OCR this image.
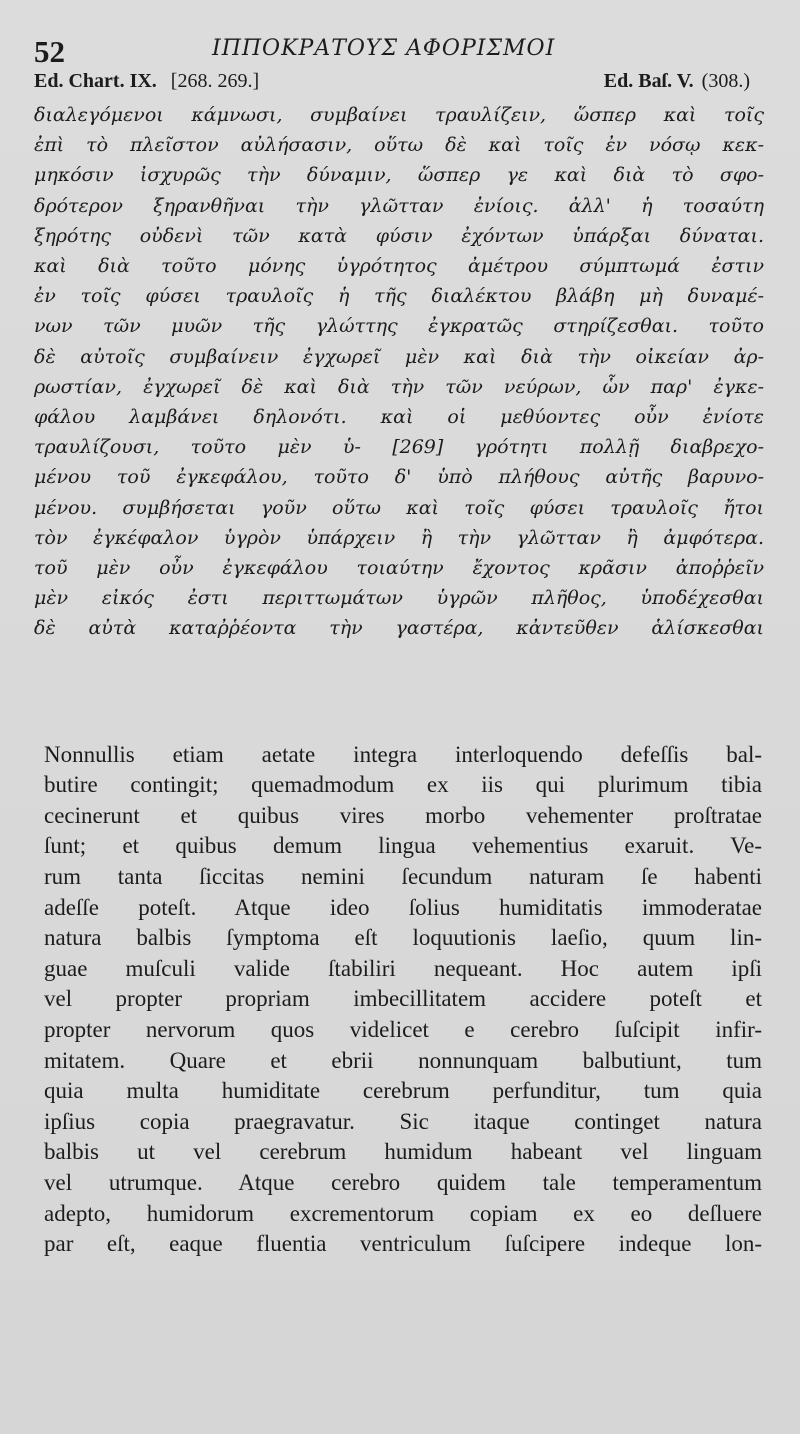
52	ΙΠΠΟΚΡΑΤΟΥΣ ΑΦΟΡΙΣΜΟΙ
Ed. Chart. IX. [268. 269.]	Ed. Baſ. V. (308.)
διαλεγόμενοι κάμνωσι, συμβαίνει τραυλίζειν, ὥσπερ καὶ τοῖς
ἐπὶ τὸ πλεῖστον αὐλήσασιν, οὕτω δὲ καὶ τοῖς ἐν νόσῳ κεκ-
μηκόσιν ἰσχυρῶς τὴν δύναμιν, ὥσπερ γε καὶ διὰ τὸ σφο-
δρότερον ξηρανθῆναι τὴν γλῶτταν ἐνίοις. ἀλλ' ἡ τοσαύτη
ξηρότης οὐδενὶ τῶν κατὰ φύσιν ἐχόντων ὑπάρξαι δύναται.
καὶ διὰ τοῦτο μόνης ὑγρότητος ἀμέτρου σύμπτωμά ἐστιν
ἐν τοῖς φύσει τραυλοῖς ἡ τῆς διαλέκτου βλάβη μὴ δυναμέ-
νων τῶν μυῶν τῆς γλώττης ἐγκρατῶς στηρίζεσθαι. τοῦτο
δὲ αὐτοῖς συμβαίνειν ἐγχωρεῖ μὲν καὶ διὰ τὴν οἰκείαν ἀρ-
ρωστίαν, ἐγχωρεῖ δὲ καὶ διὰ τὴν τῶν νεύρων, ὧν παρ' ἐγκε-
φάλου λαμβάνει δηλονότι. καὶ οἱ μεθύοντες οὖν ἐνίοτε
τραυλίζουσι, τοῦτο μὲν ὑ- [269] γρότητι πολλῇ διαβρεχο-
μένου τοῦ ἐγκεφάλου, τοῦτο δ' ὑπὸ πλήθους αὐτῆς βαρυνο-
μένου. συμβήσεται γοῦν οὕτω καὶ τοῖς φύσει τραυλοῖς ἤτοι
τὸν ἐγκέφαλον ὑγρὸν ὑπάρχειν ἢ τὴν γλῶτταν ἢ ἀμφότερα.
τοῦ μὲν οὖν ἐγκεφάλου τοιαύτην ἔχοντος κρᾶσιν ἀποῤῥεῖν
μὲν εἰκός ἐστι περιττωμάτων ὑγρῶν πλῆθος, ὑποδέχεσθαι
δὲ αὐτὰ καταῤῥέοντα τὴν γαστέρα, κἀντεῦθεν ἁλίσκεσθαι
Nonnullis etiam aetate integra interloquendo defeſſis bal-
butire contingit; quemadmodum ex iis qui plurimum tibia
cecinerunt et quibus vires morbo vehementer proſtratae
ſunt; et quibus demum lingua vehementius exaruit. Ve-
rum tanta ſiccitas nemini ſecundum naturam ſe habenti
adeſſe poteſt. Atque ideo ſolius humiditatis immoderatae
natura balbis ſymptoma eſt loquutionis laeſio, quum lin-
guae muſculi valide ſtabiliri nequeant. Hoc autem ipſi
vel propter propriam imbecillitatem accidere poteſt et
propter nervorum quos videlicet e cerebro ſuſcipit infir-
mitatem. Quare et ebrii nonnunquam balbutiunt, tum
quia multa humiditate cerebrum perfunditur, tum quia
ipſius copia praegravatur. Sic itaque continget natura
balbis ut vel cerebrum humidum habeant vel linguam
vel utrumque. Atque cerebro quidem tale temperamentum
adepto, humidorum excrementorum copiam ex eo deſluere
par eſt, eaque fluentia ventriculum ſuſcipere indeque lon-
